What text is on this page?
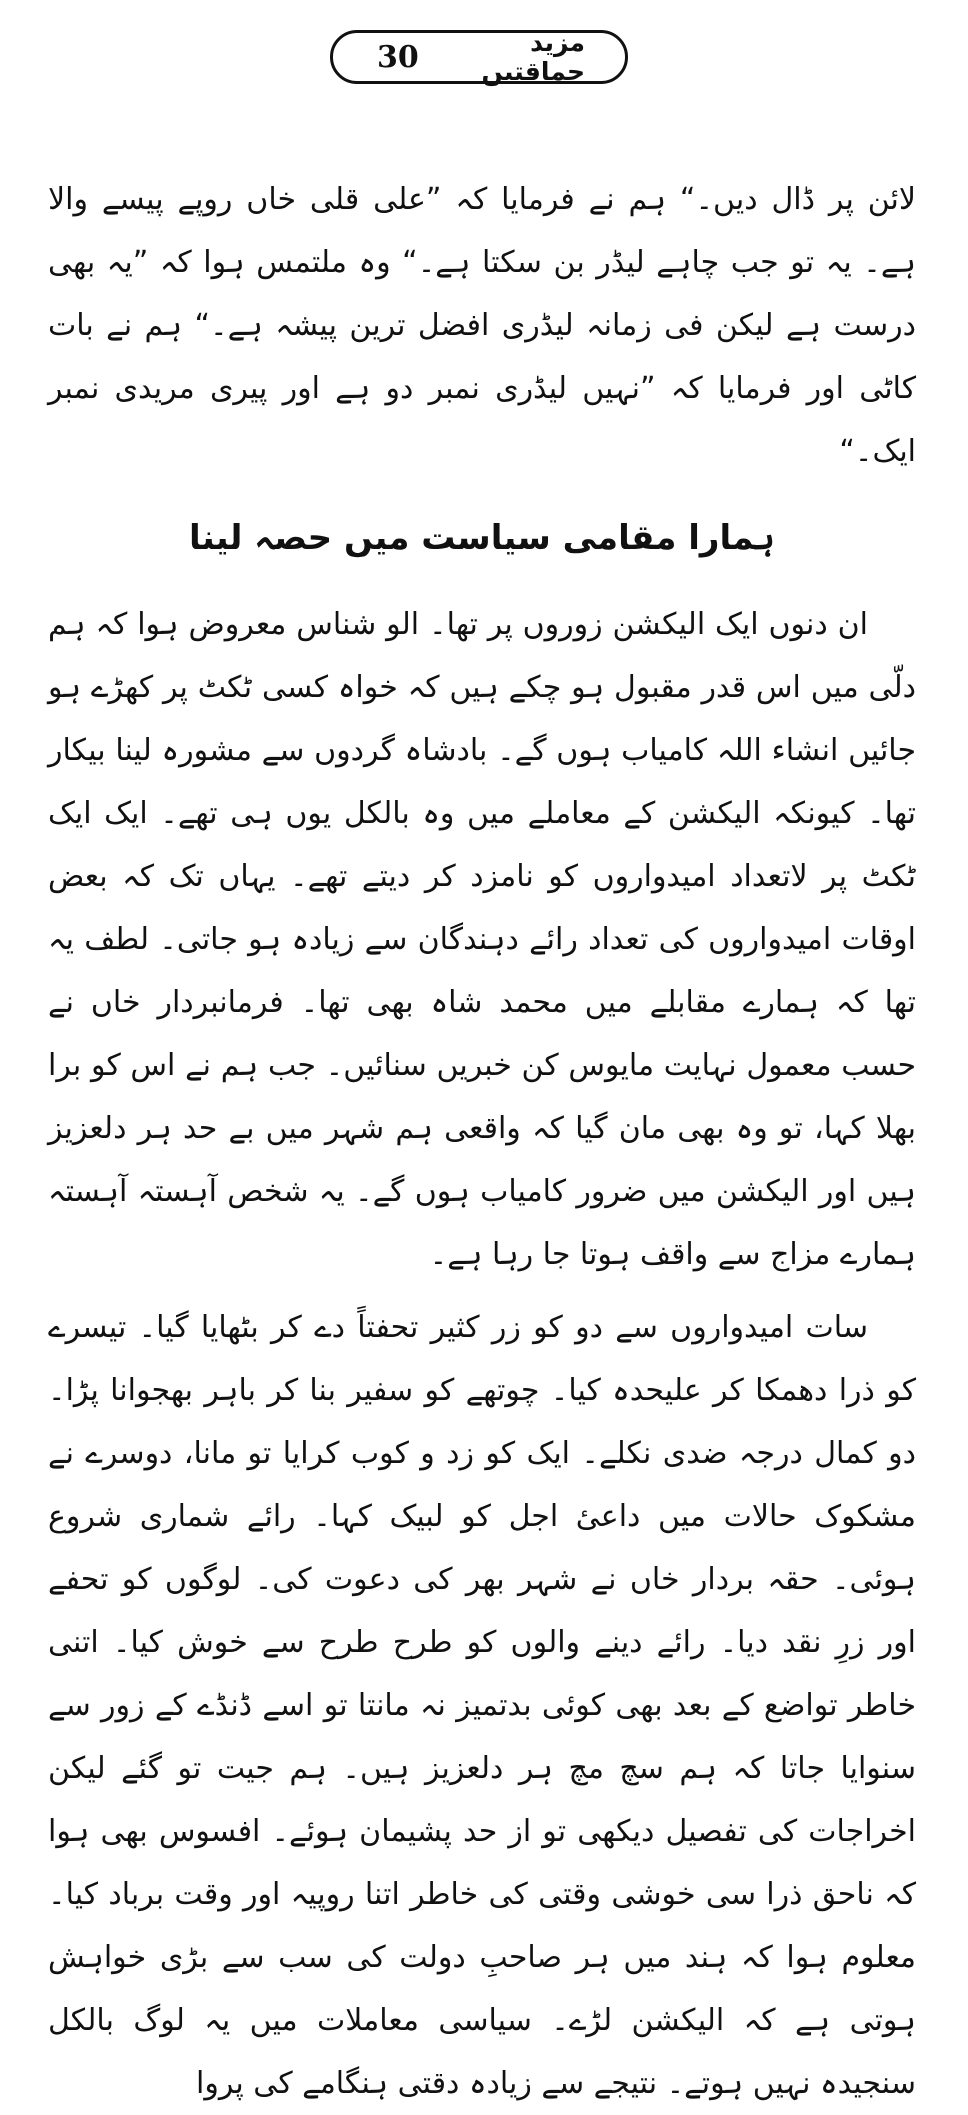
30	مزید حماقتیں

لائن پر ڈال دیں۔“ ہم نے فرمایا کہ ”علی قلی خاں روپے پیسے والا ہے۔ یہ تو جب چاہے لیڈر بن سکتا ہے۔“ وہ ملتمس ہوا کہ ”یہ بھی درست ہے لیکن فی زمانہ لیڈری افضل ترین پیشہ ہے۔“ ہم نے بات کاٹی اور فرمایا کہ ”نہیں لیڈری نمبر دو ہے اور پیری مریدی نمبر ایک۔“

ہمارا مقامی سیاست میں حصہ لینا

ان دنوں ایک الیکشن زوروں پر تھا۔ الو شناس معروض ہوا کہ ہم دلّی میں اس قدر مقبول ہو چکے ہیں کہ خواہ کسی ٹکٹ پر کھڑے ہو جائیں انشاء اللہ کامیاب ہوں گے۔ بادشاہ گردوں سے مشورہ لینا بیکار تھا۔ کیونکہ الیکشن کے معاملے میں وہ بالکل یوں ہی تھے۔ ایک ایک ٹکٹ پر لاتعداد امیدواروں کو نامزد کر دیتے تھے۔ یہاں تک کہ بعض اوقات امیدواروں کی تعداد رائے دہندگان سے زیادہ ہو جاتی۔ لطف یہ تھا کہ ہمارے مقابلے میں محمد شاہ بھی تھا۔ فرمانبردار خاں نے حسب معمول نہایت مایوس کن خبریں سنائیں۔ جب ہم نے اس کو برا بھلا کہا، تو وہ بھی مان گیا کہ واقعی ہم شہر میں بے حد ہر دلعزیز ہیں اور الیکشن میں ضرور کامیاب ہوں گے۔ یہ شخص آہستہ آہستہ ہمارے مزاج سے واقف ہوتا جا رہا ہے۔

سات امیدواروں سے دو کو زر کثیر تحفتاً دے کر بٹھایا گیا۔ تیسرے کو ذرا دھمکا کر علیحدہ کیا۔ چوتھے کو سفیر بنا کر باہر بھجوانا پڑا۔ دو کمال درجہ ضدی نکلے۔ ایک کو زد و کوب کرایا تو مانا، دوسرے نے مشکوک حالات میں داعیٔ اجل کو لبیک کہا۔ رائے شماری شروع ہوئی۔ حقہ بردار خاں نے شہر بھر کی دعوت کی۔ لوگوں کو تحفے اور زرِ نقد دیا۔ رائے دینے والوں کو طرح طرح سے خوش کیا۔ اتنی خاطر تواضع کے بعد بھی کوئی بدتمیز نہ مانتا تو اسے ڈنڈے کے زور سے سنوایا جاتا کہ ہم سچ مچ ہر دلعزیز ہیں۔ ہم جیت تو گئے لیکن اخراجات کی تفصیل دیکھی تو از حد پشیمان ہوئے۔ افسوس بھی ہوا کہ ناحق ذرا سی خوشی وقتی کی خاطر اتنا روپیہ اور وقت برباد کیا۔ معلوم ہوا کہ ہند میں ہر صاحبِ دولت کی سب سے بڑی خواہش ہوتی ہے کہ الیکشن لڑے۔ سیاسی معاملات میں یہ لوگ بالکل سنجیدہ نہیں ہوتے۔ نتیجے سے زیادہ دقتی ہنگامے کی پروا
